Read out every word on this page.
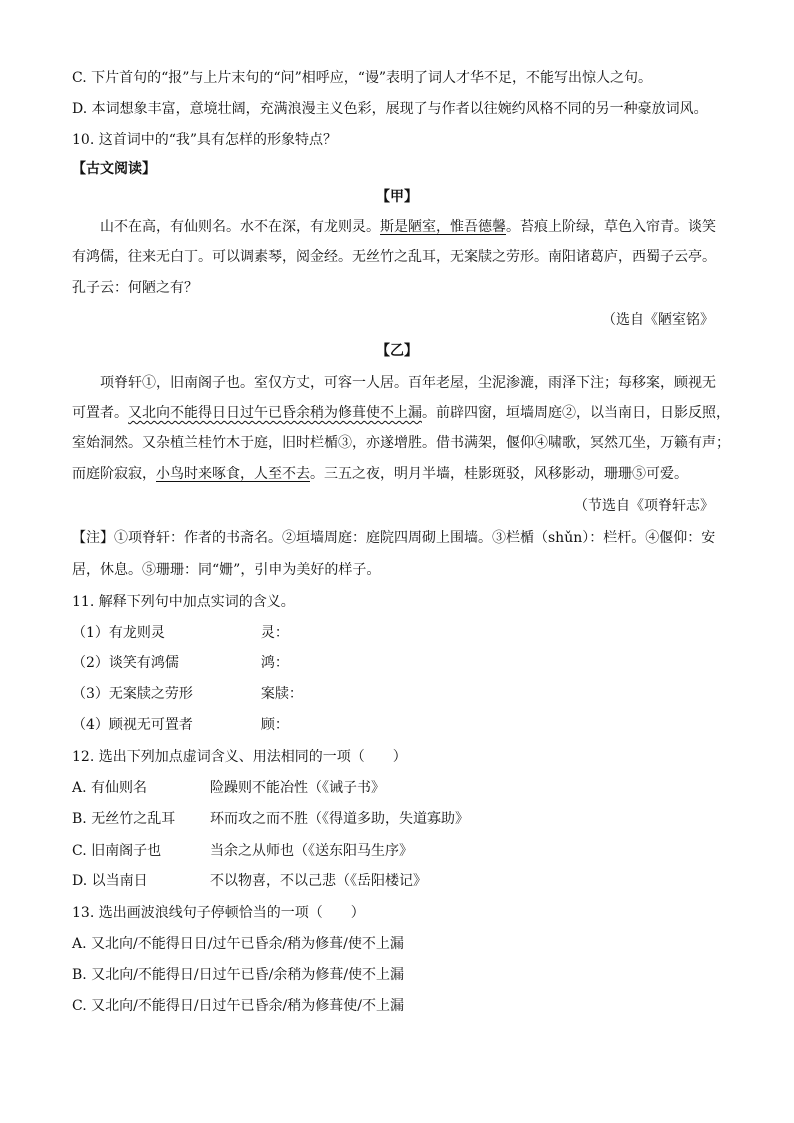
C. 下片首句的“报”与上片末句的“问”相呼应，“谩”表明了词人才华不足，不能写出惊人之句。
D. 本词想象丰富，意境壮阔，充满浪漫主义色彩，展现了与作者以往婉约风格不同的另一种豪放词风。
10. 这首词中的“我”具有怎样的形象特点？
【古文阅读】
【甲】
山不在高，有仙则名。水不在深，有龙则灵。斯是陋室，惟吾德馨。苔痕上阶绿，草色入帘青。谈笑
有鸿儒，往来无白丁。可以调素琴，阅金经。无丝竹之乱耳，无案牍之劳形。南阳诸葛庐，西蜀子云亭。
孔子云：何陋之有？
（选自《陋室铭》
【乙】
项脊轩①，旧南阁子也。室仅方丈，可容一人居。百年老屋，尘泥渗漉，雨泽下注；每移案，顾视无
可置者。又北向不能得日日过午已昏余稍为修葺使不上漏。前辟四窗，垣墙周庭②，以当南日，日影反照，
室始洞然。又杂植兰桂竹木于庭，旧时栏楯③，亦遂增胜。借书满架，偃仰④啸歌，冥然兀坐，万籁有声；
而庭阶寂寂，小鸟时来啄食，人至不去。三五之夜，明月半墙，桂影斑驳，风移影动，珊珊⑤可爱。
（节选自《项脊轩志》
【注】①项脊轩：作者的书斋名。②垣墙周庭：庭院四周砌上围墙。③栏楯（shǔn）：栏杆。④偃仰：安
居，休息。⑤珊珊：同“姗”，引申为美好的样子。
11. 解释下列句中加点实词的含义。
（1）有龙则灵	灵：
（2）谈笑有鸿儒	鸿：
（3）无案牍之劳形	案牍：
（4）顾视无可置者	顾：
12. 选出下列加点虚词含义、用法相同的一项（　　）
A. 有仙则名	险躁则不能冶性（《诫子书》
B. 无丝竹之乱耳 环而攻之而不胜（《得道多助，失道寡助》
C. 旧南阁子也	当余之从师也（《送东阳马生序》
D. 以当南日	不以物喜，不以己悲（《岳阳楼记》
13. 选出画波浪线句子停顿恰当的一项（　　）
A. 又北向/不能得日日/过午已昏余/稍为修葺/使不上漏
B. 又北向/不能得日/日过午已昏/余稍为修葺/使不上漏
C. 又北向/不能得日/日过午已昏余/稍为修葺使/不上漏
